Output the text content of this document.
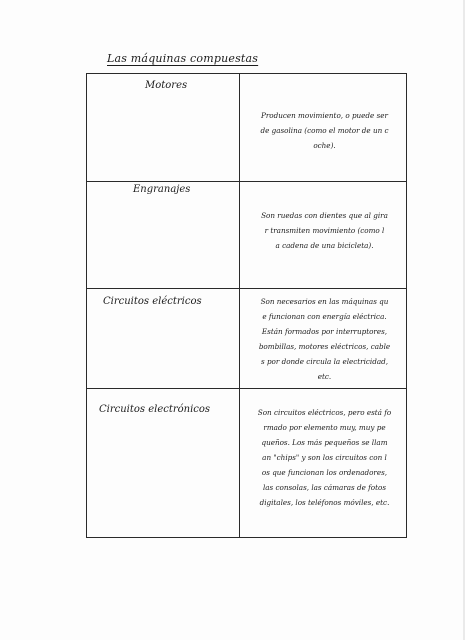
Las máquinas compuestas
Motores
Producen movimiento, o puede ser
de gasolina (como el motor de un c
oche).
Engranajes
Son ruedas con dientes que al gira
r transmiten movimiento (como l
a cadena de una bicicleta).
Circuitos eléctricos	Son necesarios en las máquinas qu
e funcionan con energía eléctrica.
Están formados por interruptores,
bombillas, motores eléctricos, cable
s por donde circula la electricidad,
etc.
Circuitos electrónicos	Son circuitos eléctricos, pero está fo
rmado por elemento muy, muy pe
queños. Los más pequeños se llam
an "chips" y son los circuitos con l
os que funcionan los ordenadores,
las consolas, las cámaras de fotos
digitales, los teléfonos móviles, etc.
